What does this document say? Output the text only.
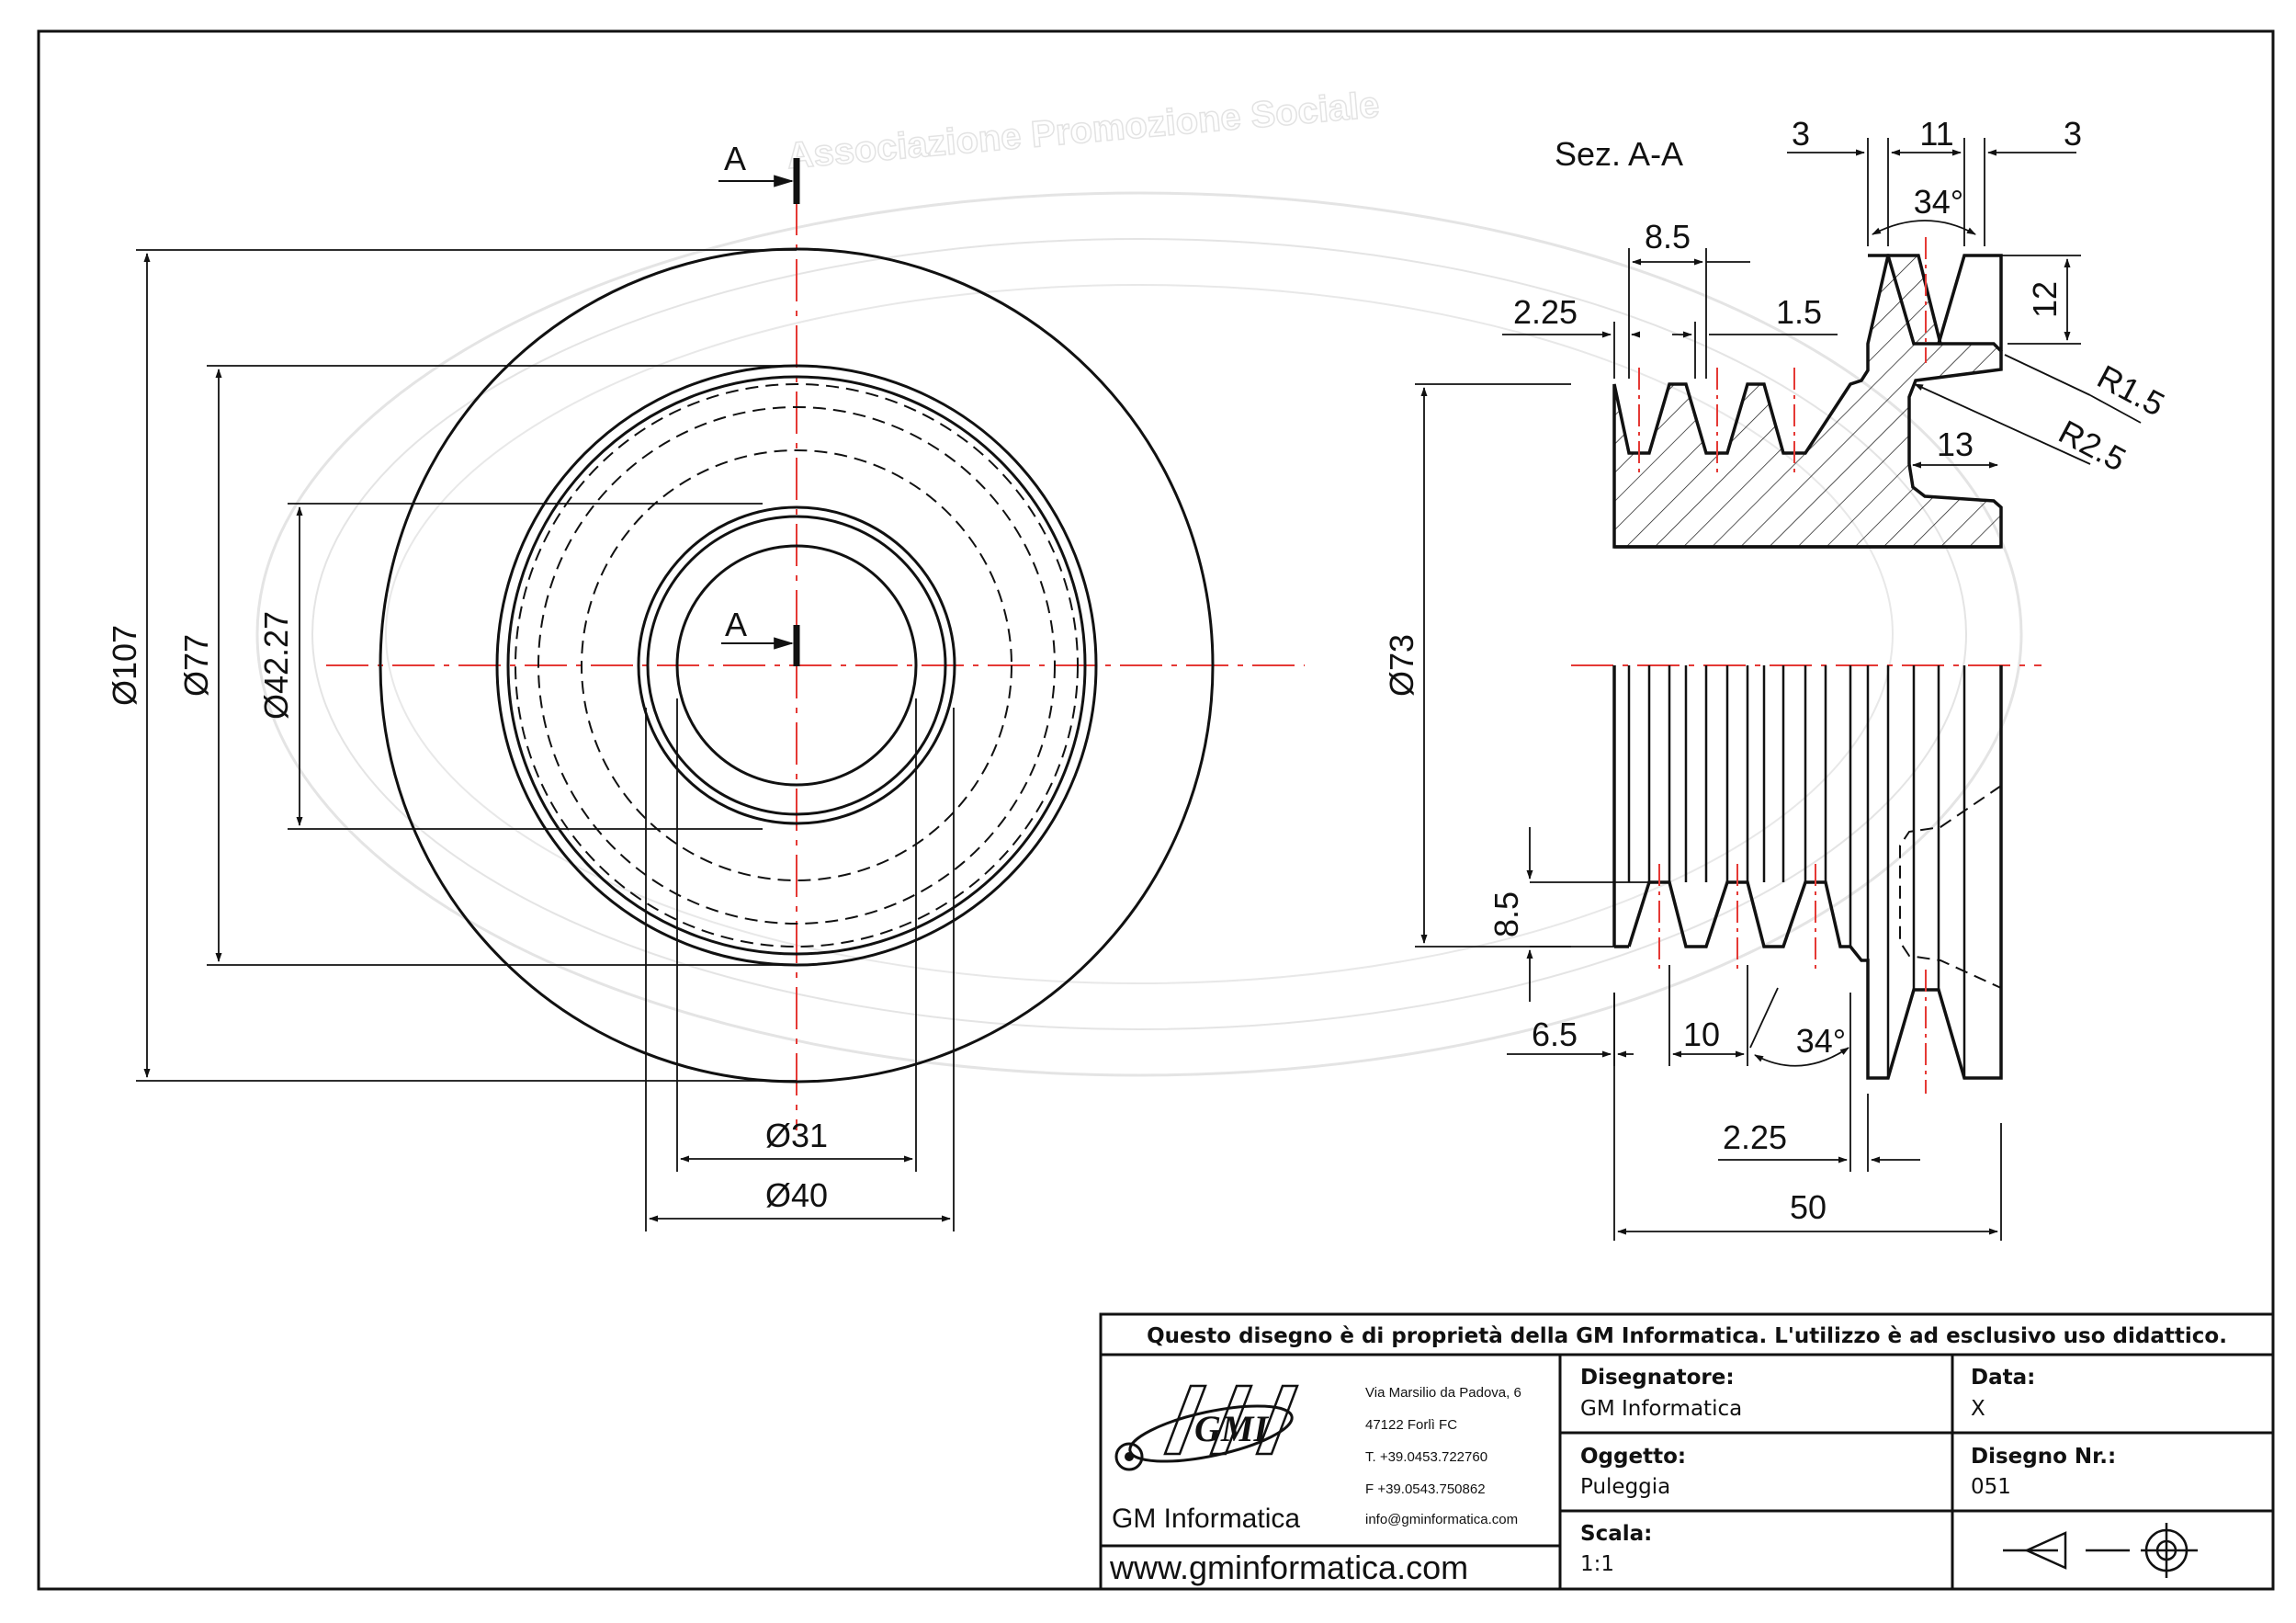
Associazione Promozione Sociale
A
A
Ø107 Ø77 Ø42.27
Ø31
Ø40
Sez. A-A
3	11	3
34°
8.5
2.25	1.5	12
R1.5
R2.5
13
Ø73
8.5
6.5	10 34°
2.25
50
Questo disegno è di proprietà della GM Informatica. L'utilizzo è ad esclusivo uso didattico.
GMI
Via Marsilio da Padova, 6
47122 Forlì FC
T. +39.0453.722760
F +39.0543.750862
info@gminformatica.com
GM Informatica
www.gminformatica.com
Disegnatore:
GM Informatica
Data:
X
Oggetto:
Puleggia
Disegno Nr.:
051
Scala:
1:1
